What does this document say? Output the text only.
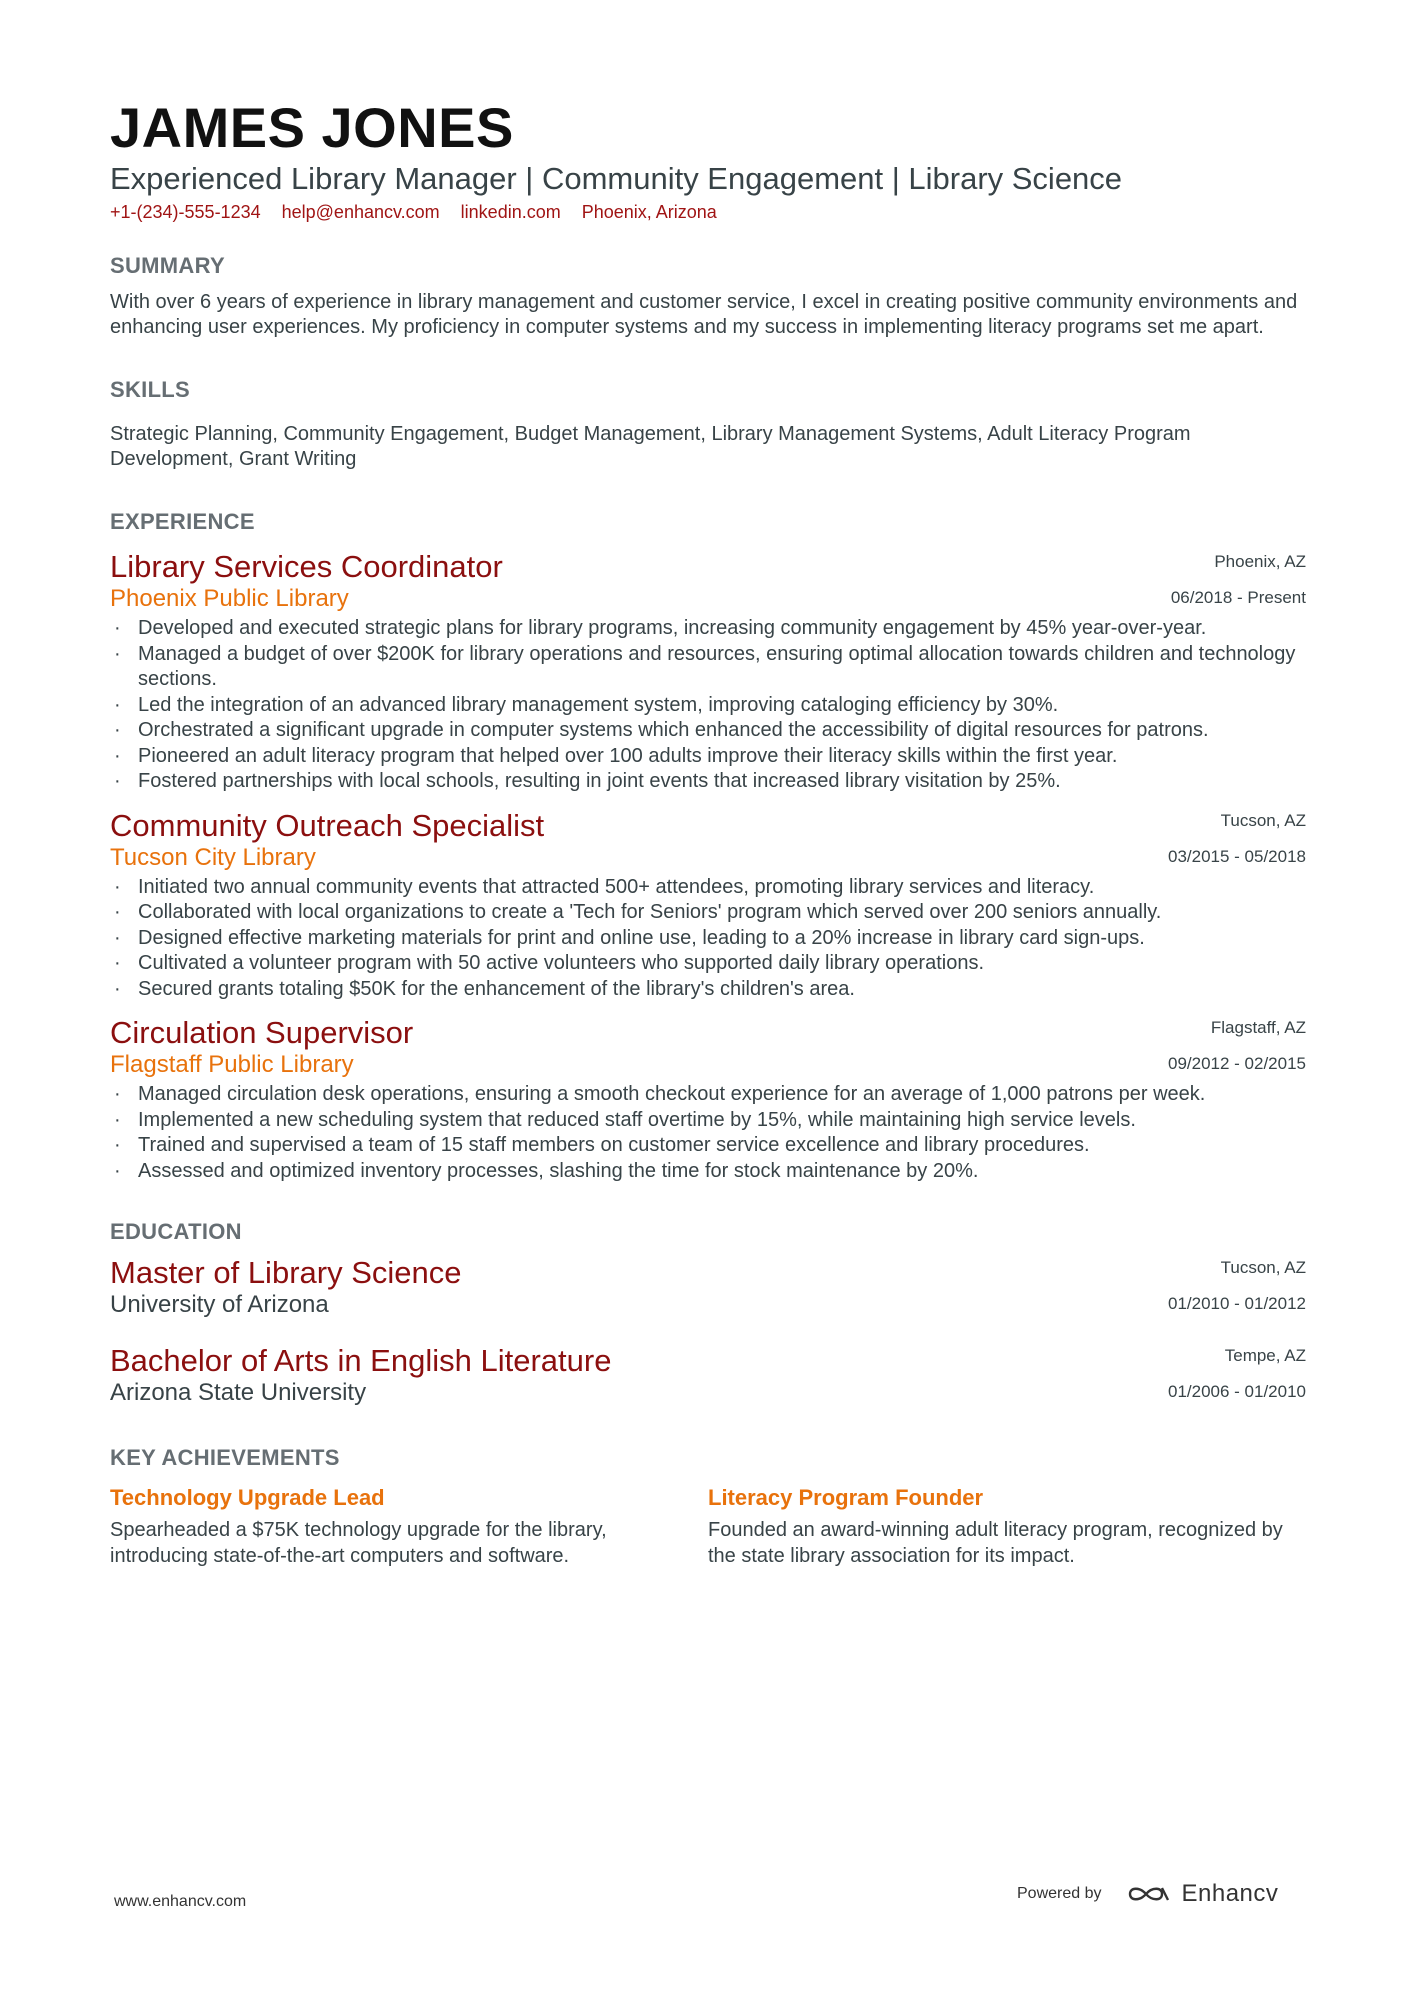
JAMES JONES
Experienced Library Manager | Community Engagement | Library Science
+1-(234)-555-1234 help@enhancv.com linkedin.com Phoenix, Arizona
SUMMARY
With over 6 years of experience in library management and customer service, I excel in creating positive community environments and enhancing user experiences. My proficiency in computer systems and my success in implementing literacy programs set me apart.
SKILLS
Strategic Planning, Community Engagement, Budget Management, Library Management Systems, Adult Literacy Program Development, Grant Writing
EXPERIENCE
Library Services Coordinator
Phoenix Public Library
Phoenix, AZ
06/2018 - Present
· Developed and executed strategic plans for library programs, increasing community engagement by 45% year-over-year.
· Managed a budget of over $200K for library operations and resources, ensuring optimal allocation towards children and technology sections.
· Led the integration of an advanced library management system, improving cataloging efficiency by 30%.
· Orchestrated a significant upgrade in computer systems which enhanced the accessibility of digital resources for patrons.
· Pioneered an adult literacy program that helped over 100 adults improve their literacy skills within the first year.
· Fostered partnerships with local schools, resulting in joint events that increased library visitation by 25%.
Community Outreach Specialist
Tucson City Library
Tucson, AZ
03/2015 - 05/2018
· Initiated two annual community events that attracted 500+ attendees, promoting library services and literacy.
· Collaborated with local organizations to create a 'Tech for Seniors' program which served over 200 seniors annually.
· Designed effective marketing materials for print and online use, leading to a 20% increase in library card sign-ups.
· Cultivated a volunteer program with 50 active volunteers who supported daily library operations.
· Secured grants totaling $50K for the enhancement of the library's children's area.
Circulation Supervisor
Flagstaff Public Library
Flagstaff, AZ
09/2012 - 02/2015
· Managed circulation desk operations, ensuring a smooth checkout experience for an average of 1,000 patrons per week.
· Implemented a new scheduling system that reduced staff overtime by 15%, while maintaining high service levels.
· Trained and supervised a team of 15 staff members on customer service excellence and library procedures.
· Assessed and optimized inventory processes, slashing the time for stock maintenance by 20%.
EDUCATION
Master of Library Science
University of Arizona
Tucson, AZ
01/2010 - 01/2012
Bachelor of Arts in English Literature
Arizona State University
Tempe, AZ
01/2006 - 01/2010
KEY ACHIEVEMENTS
Technology Upgrade Lead
Spearheaded a $75K technology upgrade for the library, introducing state-of-the-art computers and software.
Literacy Program Founder
Founded an award-winning adult literacy program, recognized by the state library association for its impact.
www.enhancv.com	Powered by	Enhancv
